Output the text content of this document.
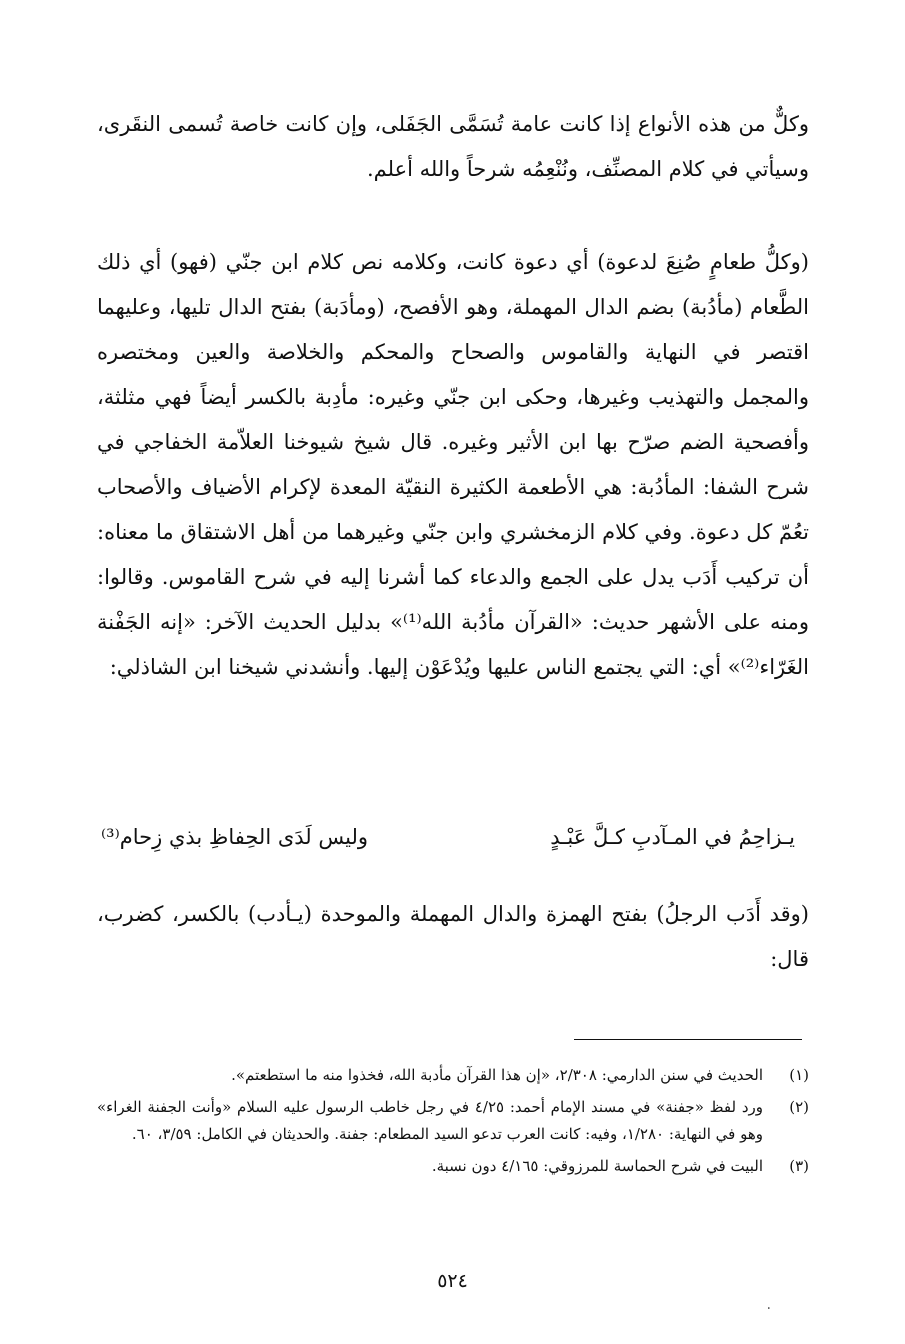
وكلٌّ من هذه الأنواع إذا كانت عامة تُسَمَّى الجَفَلى، وإن كانت خاصة تُسمى النقَرى، وسيأتي في كلام المصنِّف، ونُنْعِمُه شرحاً والله أعلم.

(وكلُّ طعامٍ صُنِعَ لدعوة) أي دعوة كانت، وكلامه نص كلام ابن جنّي (فهو) أي ذلك الطَّعام (مأدُبة) بضم الدال المهملة، وهو الأفصح، (ومأدَبة) بفتح الدال تليها، وعليهما اقتصر في النهاية والقاموس والصحاح والمحكم والخلاصة والعين ومختصره والمجمل والتهذيب وغيرها، وحكى ابن جنّي وغيره: مأدِبة بالكسر أيضاً فهي مثلثة، وأفصحية الضم صرّح بها ابن الأثير وغيره. قال شيخ شيوخنا العلاّمة الخفاجي في شرح الشفا: المأدُبة: هي الأطعمة الكثيرة النقيّة المعدة لإكرام الأضياف والأصحاب تعُمّ كل دعوة. وفي كلام الزمخشري وابن جنّي وغيرهما من أهل الاشتقاق ما معناه: أن تركيب أَدَب يدل على الجمع والدعاء كما أشرنا إليه في شرح القاموس. وقالوا: ومنه على الأشهر حديث: «القرآن مأدُبة الله⁽¹⁾» بدليل الحديث الآخر: «إنه الجَفْنة الغَرّاء⁽²⁾» أي: التي يجتمع الناس عليها ويُدْعَوْن إليها. وأنشدني شيخنا ابن الشاذلي:

يـزاحِمُ في المـآدبِ كـلَّ عَبْـدٍ
وليس لَدَى الحِفاظِ بذي زِحام⁽³⁾

(وقد أَدَب الرجلُ) بفتح الهمزة والدال المهملة والموحدة (يـأدب) بالكسر، كضرب، قال:

(١)
الحديث في سنن الدارمي: ٢/٣٠٨، «إن هذا القرآن مأدبة الله، فخذوا منه ما استطعتم».
(٢)
ورد لفظ «جفنة» في مسند الإمام أحمد: ٤/٢٥ في رجل خاطب الرسول عليه السلام «وأنت الجفنة الغراء» وهو في النهاية: ١/٢٨٠، وفيه: كانت العرب تدعو السيد المطعام: جفنة. والحديثان في الكامل: ٣/٥٩، ٦٠.
(٣)
البيت في شرح الحماسة للمرزوقي: ٤/١٦٥ دون نسبة.
٥٢٤
٠
